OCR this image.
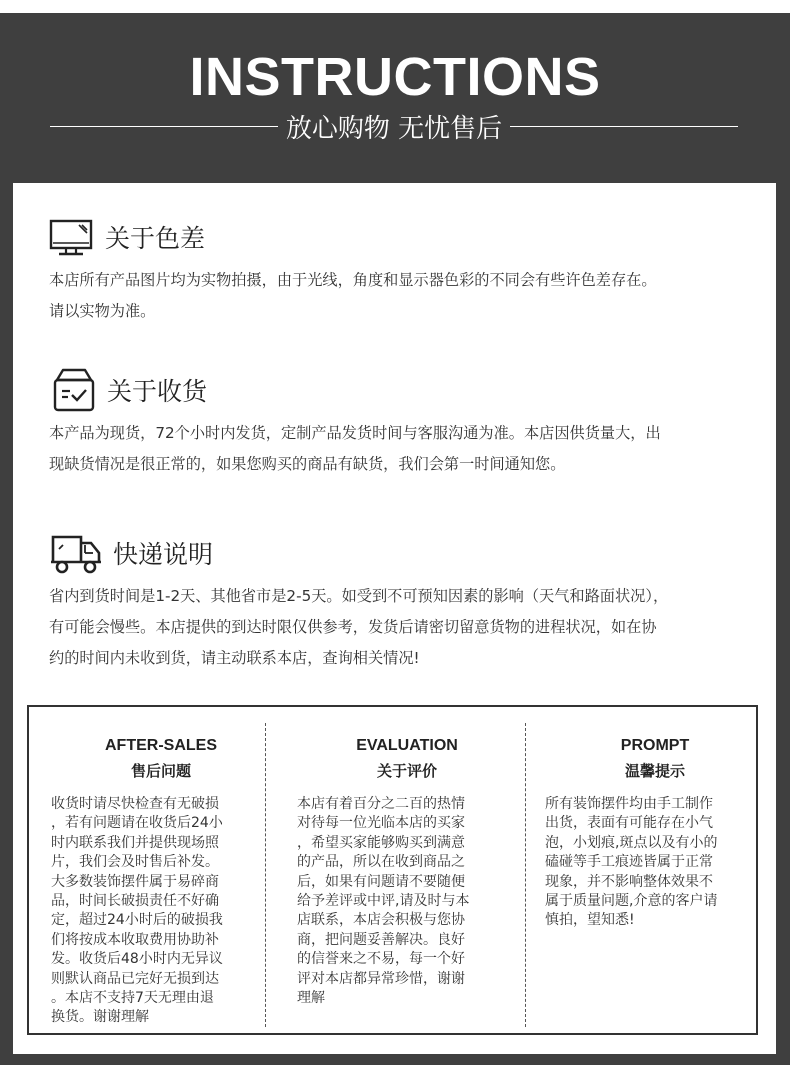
INSTRUCTIONS
放心购物 无忧售后
关于色差
本店所有产品图片均为实物拍摄，由于光线，角度和显示器色彩的不同会有些许色差存在。
请以实物为准。
关于收货
本产品为现货，72个小时内发货，定制产品发货时间与客服沟通为准。本店因供货量大，出
现缺货情况是很正常的，如果您购买的商品有缺货，我们会第一时间通知您。
快递说明
省内到货时间是1-2天、其他省市是2-5天。如受到不可预知因素的影响（天气和路面状况），
有可能会慢些。本店提供的到达时限仅供参考，发货后请密切留意货物的进程状况，如在协
约的时间内未收到货，请主动联系本店，查询相关情况!
AFTER-SALES
售后问题
收货时请尽快检查有无破损
，若有问题请在收货后24小
时内联系我们并提供现场照
片，我们会及时售后补发。
大多数装饰摆件属于易碎商
品，时间长破损责任不好确
定，超过24小时后的破损我
们将按成本收取费用协助补
发。收货后48小时内无异议
则默认商品已完好无损到达
。本店不支持7天无理由退
换货。谢谢理解
EVALUATION
关于评价
本店有着百分之二百的热情
对待每一位光临本店的买家
，希望买家能够购买到满意
的产品，所以在收到商品之
后，如果有问题请不要随便
给予差评或中评,请及时与本
店联系，本店会积极与您协
商，把问题妥善解决。良好
的信誉来之不易，每一个好
评对本店都异常珍惜，谢谢
理解
PROMPT
温馨提示
所有装饰摆件均由手工制作
出货，表面有可能存在小气
泡，小划痕,斑点以及有小的
磕碰等手工痕迹皆属于正常
现象，并不影响整体效果不
属于质量问题,介意的客户请
慎拍，望知悉!
